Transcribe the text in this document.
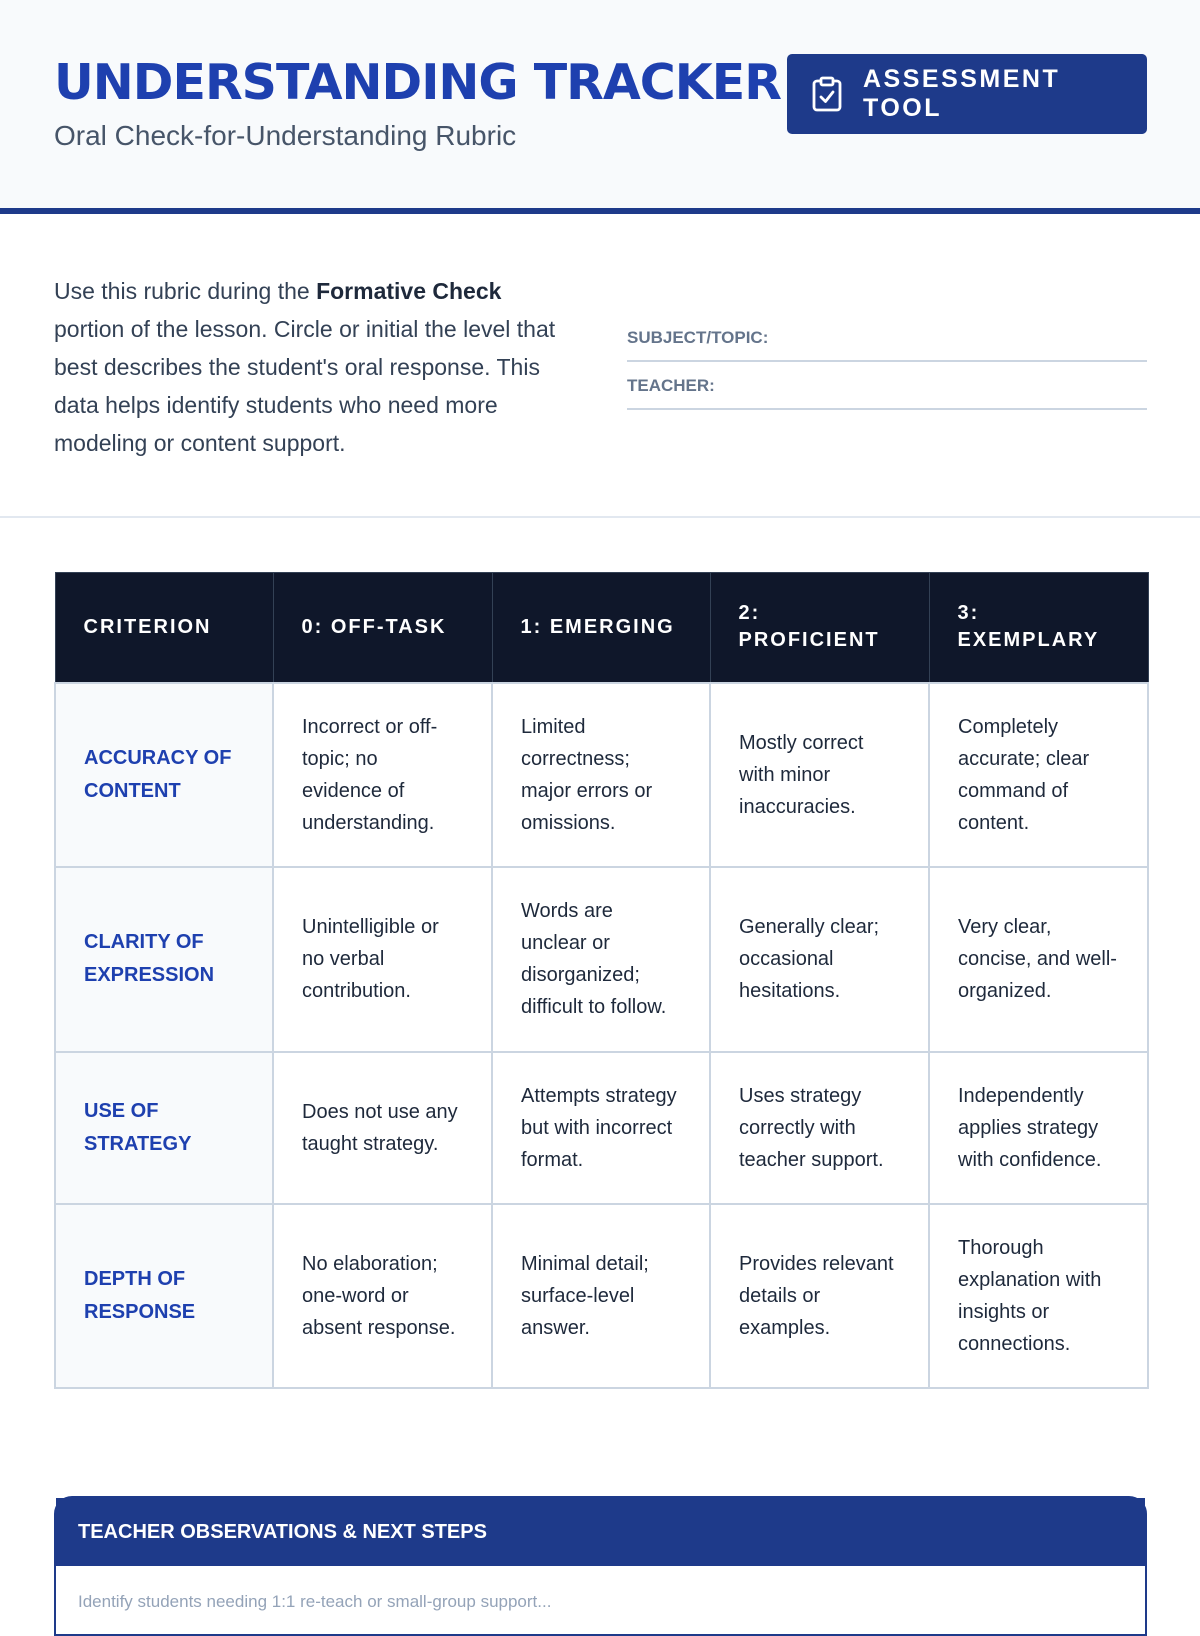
UNDERSTANDING TRACKER
Oral Check-for-Understanding Rubric
ASSESSMENT TOOL
Use this rubric during the Formative Check portion of the lesson. Circle or initial the level that best describes the student's oral response. This data helps identify students who need more modeling or content support.
SUBJECT/TOPIC:
TEACHER:
CRITERION	0: OFF-TASK	1: EMERGING	2: PROFICIENT	3: EXEMPLARY
ACCURACY OF CONTENT	Incorrect or off-topic; no evidence of understanding.	Limited correctness; major errors or omissions.	Mostly correct with minor inaccuracies.	Completely accurate; clear command of content.
CLARITY OF EXPRESSION	Unintelligible or no verbal contribution.	Words are unclear or disorganized; difficult to follow.	Generally clear; occasional hesitations.	Very clear, concise, and well-organized.
USE OF STRATEGY	Does not use any taught strategy.	Attempts strategy but with incorrect format.	Uses strategy correctly with teacher support.	Independently applies strategy with confidence.
DEPTH OF RESPONSE	No elaboration; one-word or absent response.	Minimal detail; surface-level answer.	Provides relevant details or examples.	Thorough explanation with insights or connections.
TEACHER OBSERVATIONS & NEXT STEPS
Identify students needing 1:1 re-teach or small-group support...
